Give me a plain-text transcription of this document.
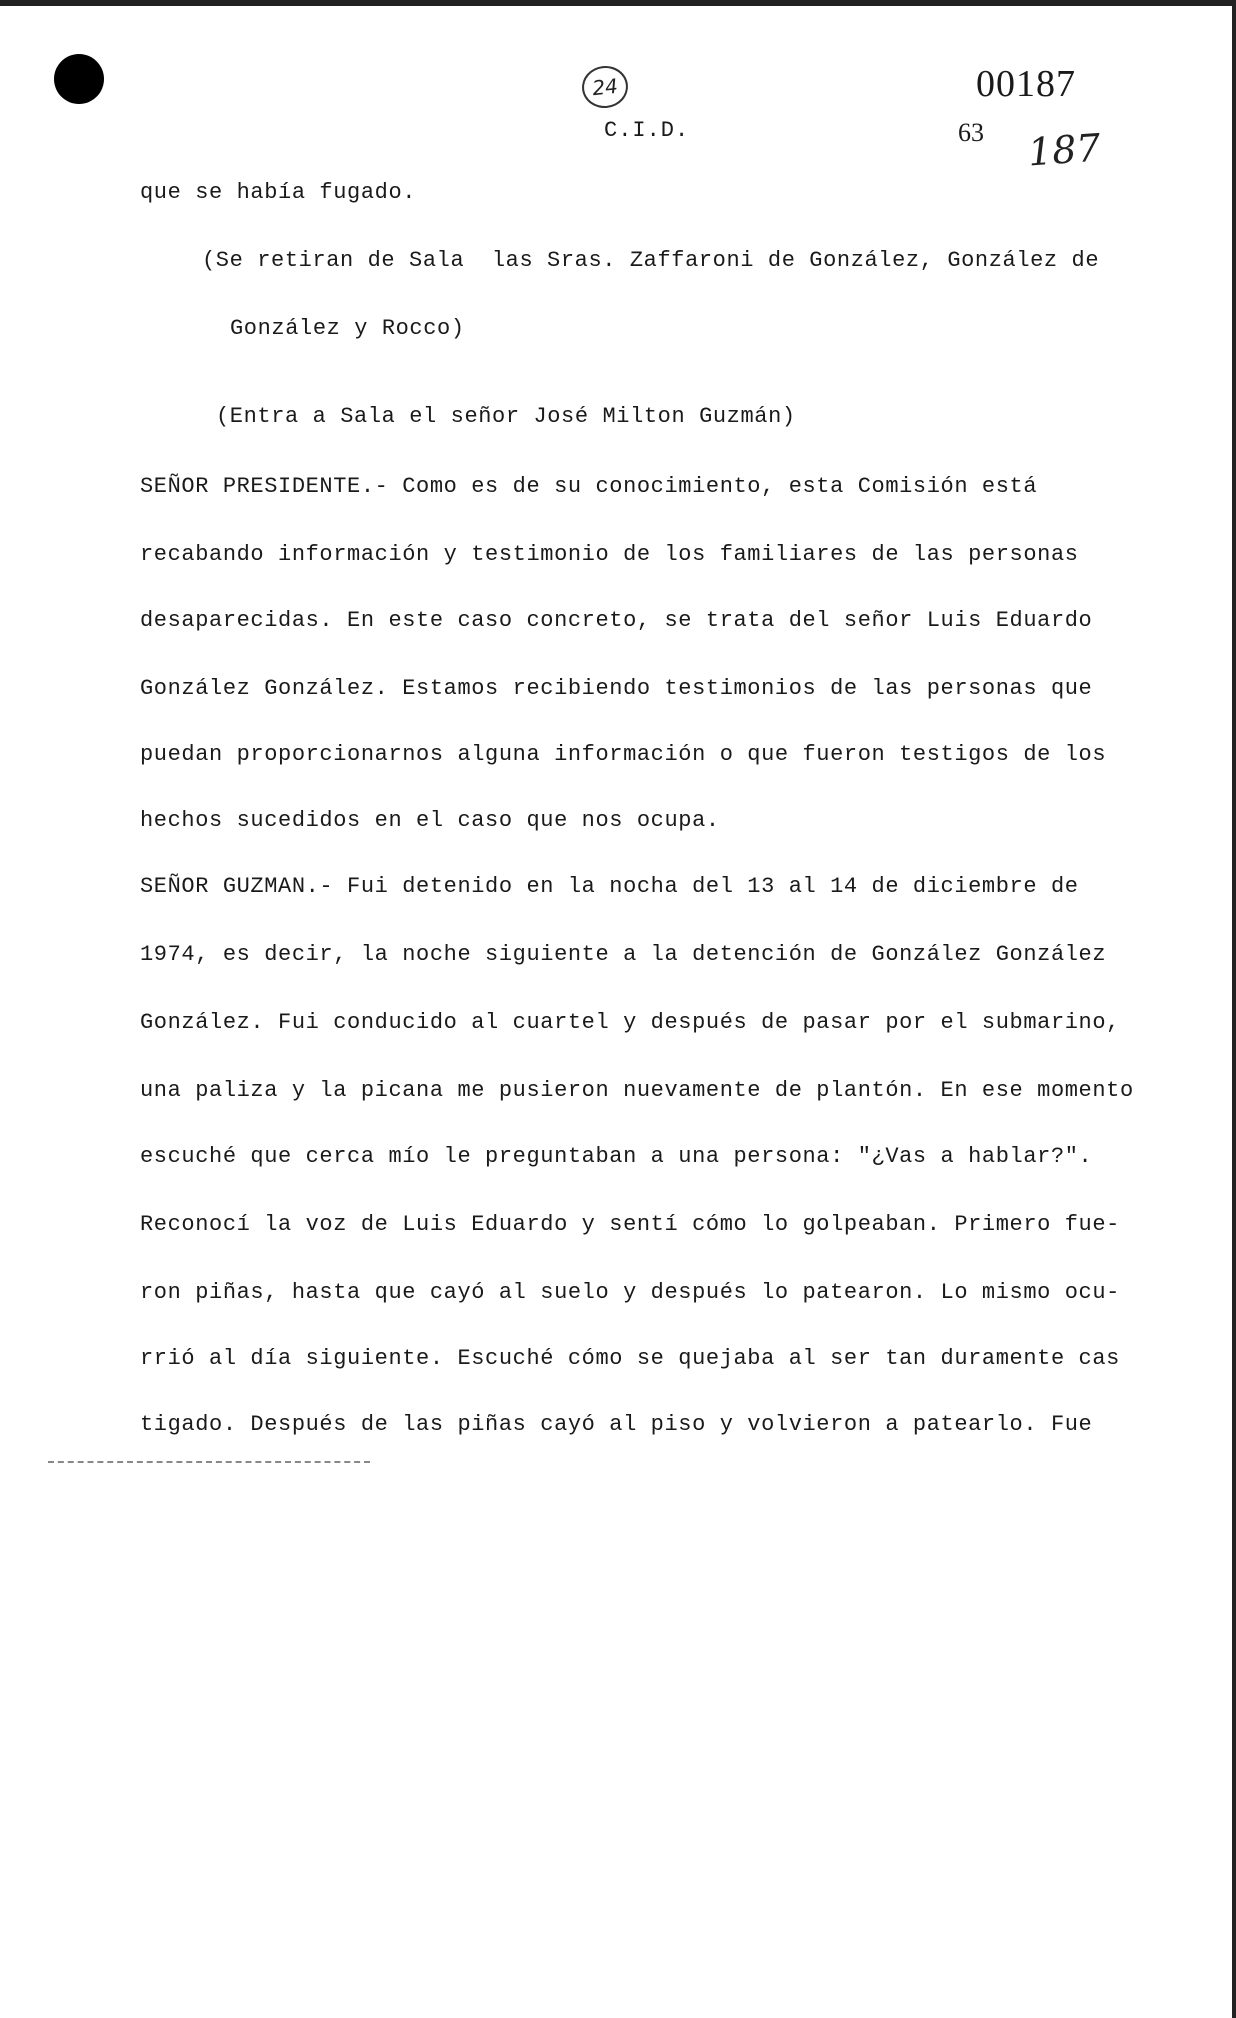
24
C.I.D.
00187
63 187
que se había fugado.
(Se retiran de Sala  las Sras. Zaffaroni de González, González de
González y Rocco)
(Entra a Sala el señor José Milton Guzmán)
SEÑOR PRESIDENTE.- Como es de su conocimiento, esta Comisión está
recabando información y testimonio de los familiares de las personas
desaparecidas. En este caso concreto, se trata del señor Luis Eduardo
González González. Estamos recibiendo testimonios de las personas que
puedan proporcionarnos alguna información o que fueron testigos de los
hechos sucedidos en el caso que nos ocupa.
SEÑOR GUZMAN.- Fui detenido en la nocha del 13 al 14 de diciembre de
1974, es decir, la noche siguiente a la detención de González González
González. Fui conducido al cuartel y después de pasar por el submarino,
una paliza y la picana me pusieron nuevamente de plantón. En ese momento
escuché que cerca mío le preguntaban a una persona: "¿Vas a hablar?".
Reconocí la voz de Luis Eduardo y sentí cómo lo golpeaban. Primero fue-
ron piñas, hasta que cayó al suelo y después lo patearon. Lo mismo ocu-
rrió al día siguiente. Escuché cómo se quejaba al ser tan duramente cas
tigado. Después de las piñas cayó al piso y volvieron a patearlo. Fue
